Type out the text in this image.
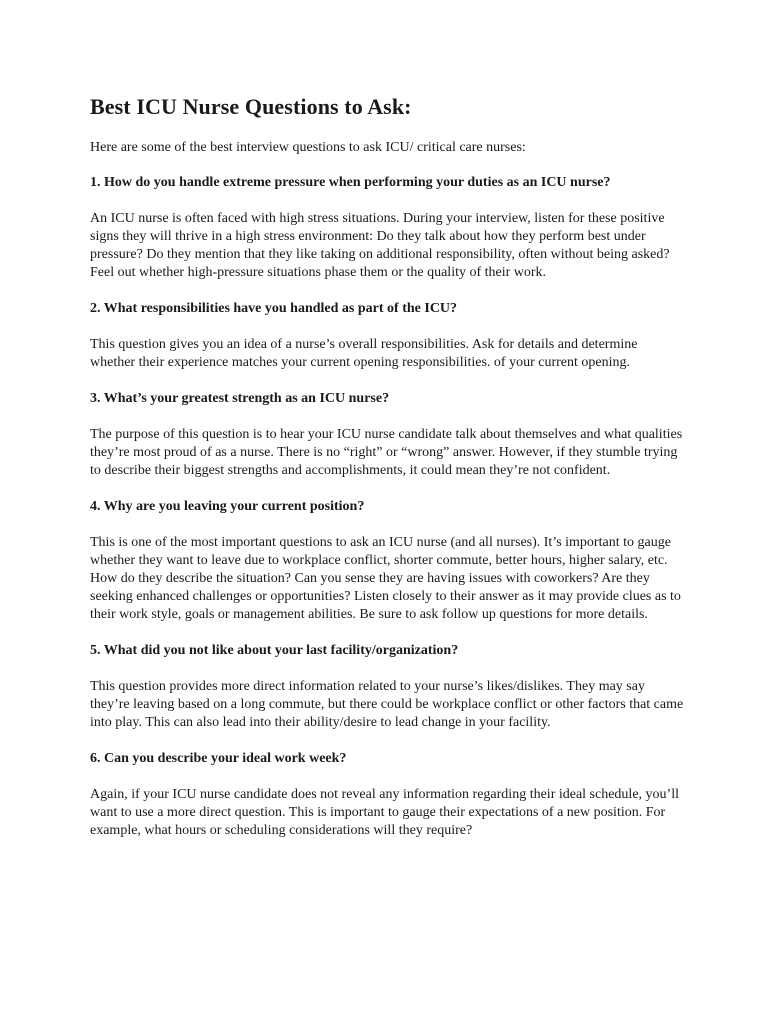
Best ICU Nurse Questions to Ask:

Here are some of the best interview questions to ask ICU/ critical care nurses:

1. How do you handle extreme pressure when performing your duties as an ICU nurse?

An ICU nurse is often faced with high stress situations. During your interview, listen for these positive signs they will thrive in a high stress environment: Do they talk about how they perform best under pressure? Do they mention that they like taking on additional responsibility, often without being asked? Feel out whether high-pressure situations phase them or the quality of their work.

2. What responsibilities have you handled as part of the ICU?

This question gives you an idea of a nurse’s overall responsibilities. Ask for details and determine whether their experience matches your current opening responsibilities. of your current opening.

3. What’s your greatest strength as an ICU nurse?

The purpose of this question is to hear your ICU nurse candidate talk about themselves and what qualities they’re most proud of as a nurse. There is no “right” or “wrong” answer. However, if they stumble trying to describe their biggest strengths and accomplishments, it could mean they’re not confident.

4. Why are you leaving your current position?

This is one of the most important questions to ask an ICU nurse (and all nurses). It’s important to gauge whether they want to leave due to workplace conflict, shorter commute, better hours, higher salary, etc. How do they describe the situation? Can you sense they are having issues with coworkers? Are they seeking enhanced challenges or opportunities? Listen closely to their answer as it may provide clues as to their work style, goals or management abilities. Be sure to ask follow up questions for more details.

5. What did you not like about your last facility/organization?

This question provides more direct information related to your nurse’s likes/dislikes. They may say they’re leaving based on a long commute, but there could be workplace conflict or other factors that came into play. This can also lead into their ability/desire to lead change in your facility.

6. Can you describe your ideal work week?

Again, if your ICU nurse candidate does not reveal any information regarding their ideal schedule, you’ll want to use a more direct question. This is important to gauge their expectations of a new position. For example, what hours or scheduling considerations will they require?
